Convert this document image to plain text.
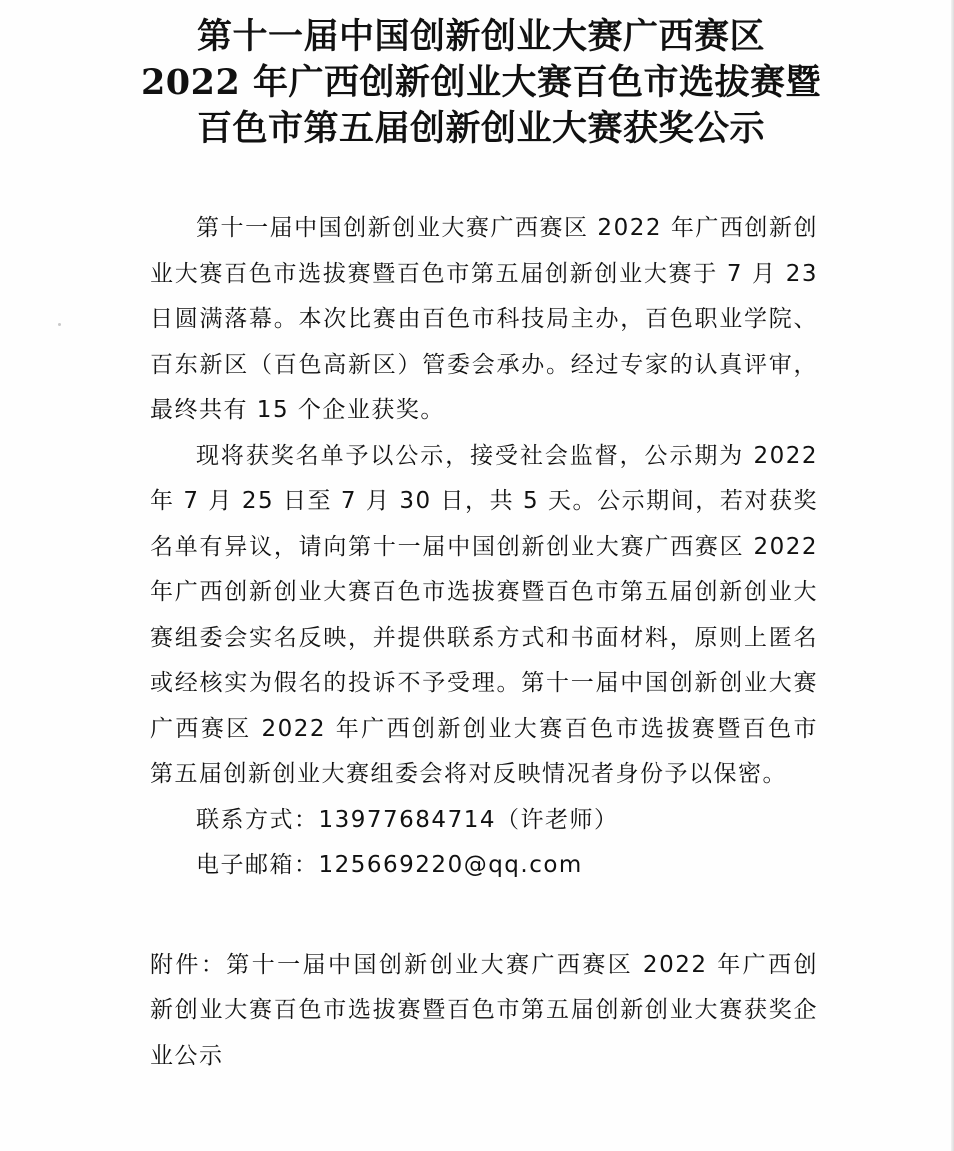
第十一届中国创新创业大赛广西赛区
2022 年广西创新创业大赛百色市选拔赛暨
百色市第五届创新创业大赛获奖公示

第十一届中国创新创业大赛广西赛区 2022 年广西创新创业大赛百色市选拔赛暨百色市第五届创新创业大赛于 7 月 23 日圆满落幕。本次比赛由百色市科技局主办，百色职业学院、百东新区（百色高新区）管委会承办。经过专家的认真评审，最终共有 15 个企业获奖。

现将获奖名单予以公示，接受社会监督，公示期为 2022 年 7 月 25 日至 7 月 30 日，共 5 天。公示期间，若对获奖名单有异议，请向第十一届中国创新创业大赛广西赛区 2022 年广西创新创业大赛百色市选拔赛暨百色市第五届创新创业大赛组委会实名反映，并提供联系方式和书面材料，原则上匿名或经核实为假名的投诉不予受理。第十一届中国创新创业大赛广西赛区 2022 年广西创新创业大赛百色市选拔赛暨百色市第五届创新创业大赛组委会将对反映情况者身份予以保密。

联系方式：13977684714（许老师）

电子邮箱：125669220@qq.com

附件：第十一届中国创新创业大赛广西赛区 2022 年广西创新创业大赛百色市选拔赛暨百色市第五届创新创业大赛获奖企业公示
